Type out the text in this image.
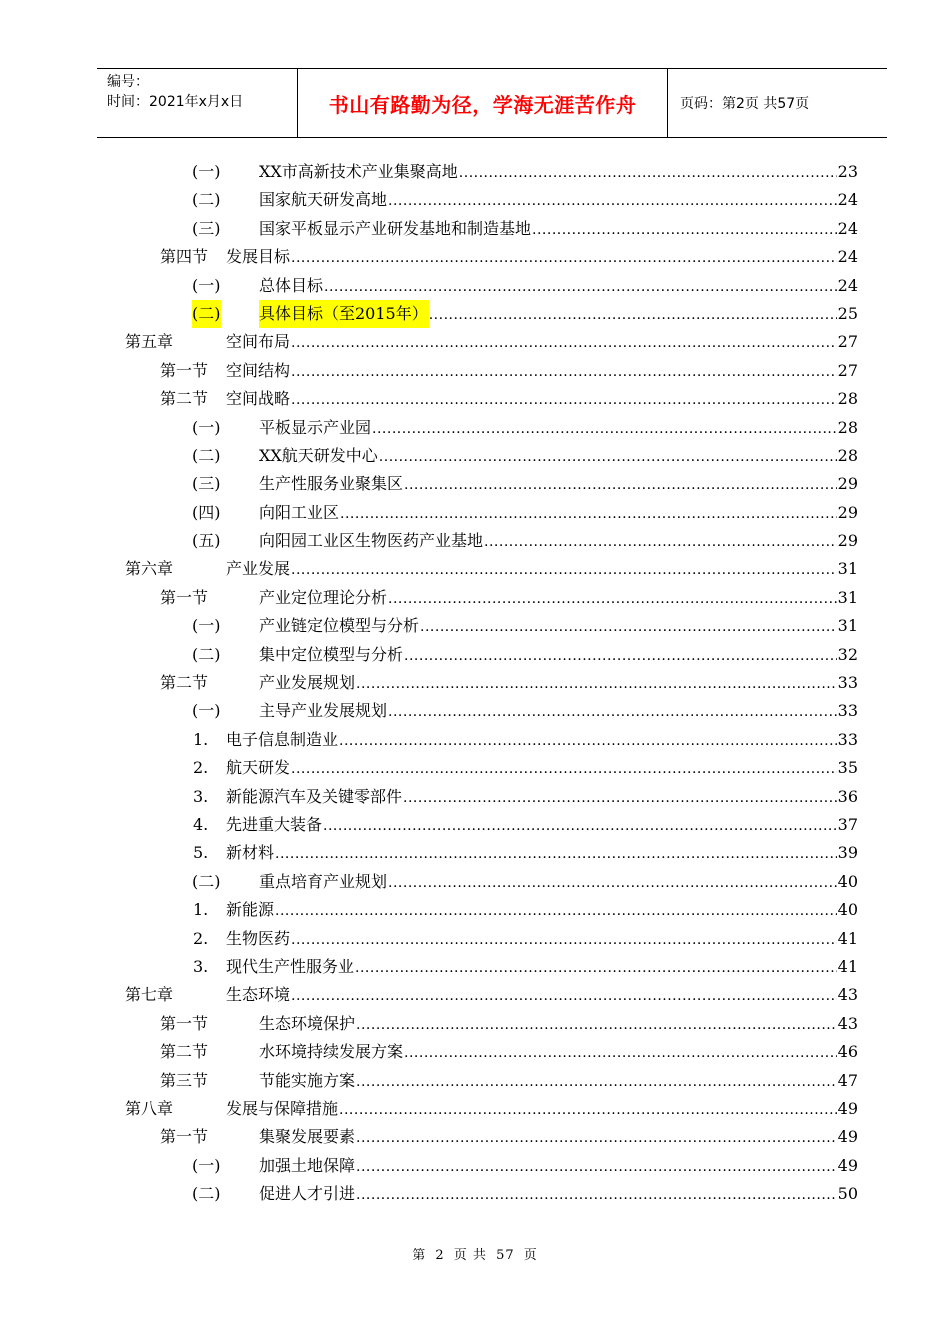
编号：
时间：2021年x月x日	书山有路勤为径，学海无涯苦作舟	页码：第2页 共57页
(一) XX市高新技术产业集聚高地 .....	23
(二) 国家航天研发高地 .....	24
(三) 国家平板显示产业研发基地和制造基地 .....	24
第四节 发展目标 .....	24
(一) 总体目标 .....	24
(二) 具体目标（至2015年） .....	25
第五章	空间布局 .....	27
第一节 空间结构 .....	27
第二节 空间战略 .....	28
(一) 平板显示产业园 .....	28
(二) XX航天研发中心 .....	28
(三) 生产性服务业聚集区 .....	29
(四) 向阳工业区 .....	29
(五) 向阳园工业区生物医药产业基地 .....	29
第六章	产业发展 .....	31
第一节	产业定位理论分析 .....	31
(一) 产业链定位模型与分析 .....	31
(二) 集中定位模型与分析 .....	32
第二节	产业发展规划 .....	33
(一) 主导产业发展规划 .....	33
1. 电子信息制造业 .....	33
2. 航天研发 .....	35
3. 新能源汽车及关键零部件 .....	36
4. 先进重大装备 .....	37
5. 新材料 .....	39
(二) 重点培育产业规划 .....	40
1. 新能源 .....	40
2. 生物医药 .....	41
3. 现代生产性服务业 .....	41
第七章	生态环境 .....	43
第一节	生态环境保护 .....	43
第二节	水环境持续发展方案 .....	46
第三节	节能实施方案 .....	47
第八章	发展与保障措施 .....	49
第一节	集聚发展要素 .....	49
(一) 加强土地保障 .....	49
(二) 促进人才引进 .....	50
第 2 页 共 57 页
